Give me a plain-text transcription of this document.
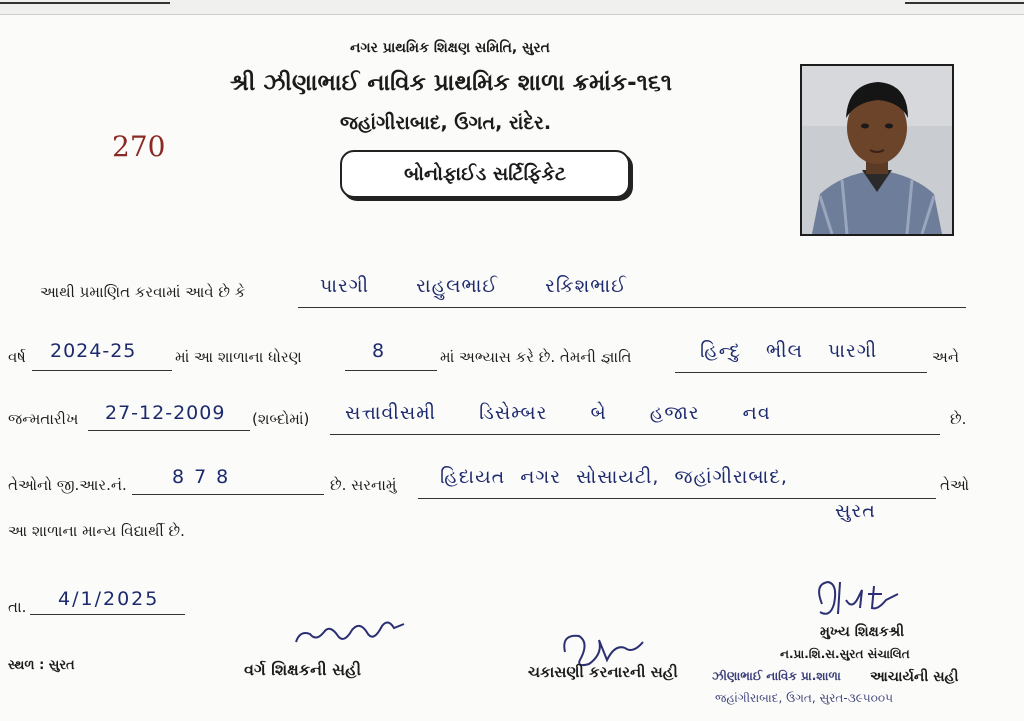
નગર પ્રાથમિક શિક્ષણ સમિતિ, સુરત
શ્રી ઝીણાભાઈ નાવિક પ્રાથમિક શાળા ક્રમાંક-૧૬૧
જહાંગીરાબાદ, ઉગત, રાંદેર.
270
બોનોફાઈડ સર્ટિફિકેટ
આથી પ્રમાણિત કરવામાં આવે છે કે	પારગી રાહુલભાઈ રકિશભાઈ
વર્ષ 2024-25	માં આ શાળાના ધોરણ	8	માં અભ્યાસ કરે છે. તેમની જ્ઞાતિ	હિન્દુ ભીલ પારગી	અને
જન્મતારીખ 27-12-2009 (શબ્દોમાં) સત્તાવીસમી ડિસેમ્બર બે હજાર નવ	છે.
તેઓનો જી.આર.નં. 878	છે. સરનામું હિદાયત નગર સોસાયટી, જહાંગીરાબાદ,	તેઓ
સુરત
આ શાળાના માન્ય વિદ્યાર્થી છે.
તા. 4/1/2025
સ્થળ : સુરત	વર્ગ શિક્ષકની સહી	ચકાસણી કરનારની સહી
મુખ્ય શિક્ષકશ્રી
ન.પ્રા.શિ.સ.સુરત સંચાલિત
ઝીણાભાઈ નાવિક પ્રા.શાળા આચાર્યની સહી
જહાંગીરાબાદ, ઉગત, સુરત-૩૯૫૦૦૫
